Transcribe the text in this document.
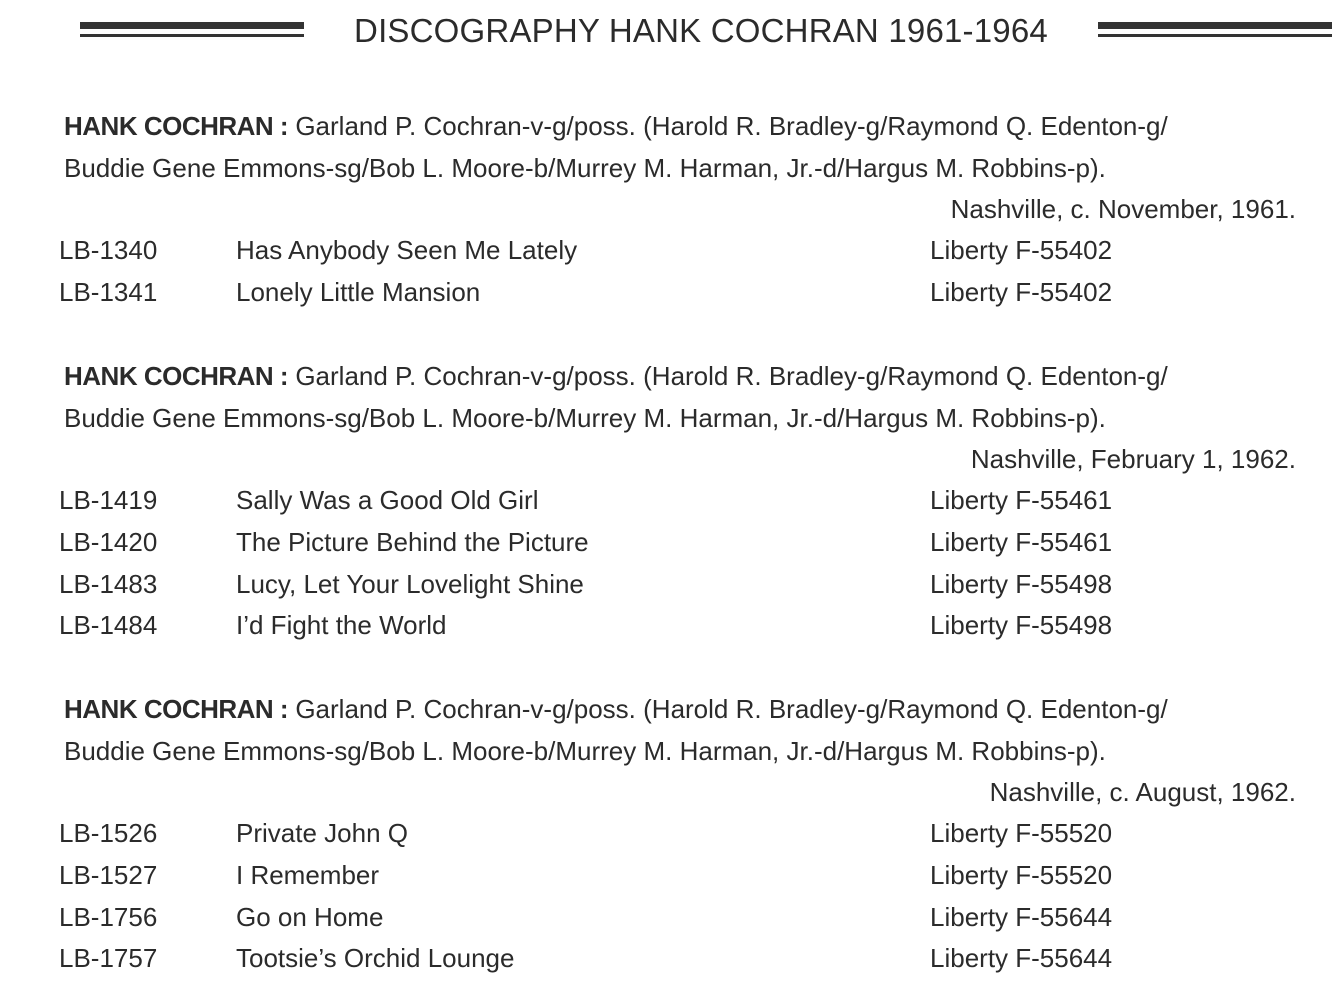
DISCOGRAPHY HANK COCHRAN 1961-1964
HANK COCHRAN : Garland P. Cochran-v-g/poss. (Harold R. Bradley-g/Raymond Q. Edenton-g/
Buddie Gene Emmons-sg/Bob L. Moore-b/Murrey M. Harman, Jr.-d/Hargus M. Robbins-p).
Nashville, c. November, 1961.
LB-1340	Has Anybody Seen Me Lately	Liberty F-55402
LB-1341	Lonely Little Mansion	Liberty F-55402
HANK COCHRAN : Garland P. Cochran-v-g/poss. (Harold R. Bradley-g/Raymond Q. Edenton-g/
Buddie Gene Emmons-sg/Bob L. Moore-b/Murrey M. Harman, Jr.-d/Hargus M. Robbins-p).
Nashville, February 1, 1962.
LB-1419	Sally Was a Good Old Girl	Liberty F-55461
LB-1420	The Picture Behind the Picture	Liberty F-55461
LB-1483	Lucy, Let Your Lovelight Shine	Liberty F-55498
LB-1484	I’d Fight the World	Liberty F-55498
HANK COCHRAN : Garland P. Cochran-v-g/poss. (Harold R. Bradley-g/Raymond Q. Edenton-g/
Buddie Gene Emmons-sg/Bob L. Moore-b/Murrey M. Harman, Jr.-d/Hargus M. Robbins-p).
Nashville, c. August, 1962.
LB-1526	Private John Q	Liberty F-55520
LB-1527	I Remember	Liberty F-55520
LB-1756	Go on Home	Liberty F-55644
LB-1757	Tootsie’s Orchid Lounge	Liberty F-55644
